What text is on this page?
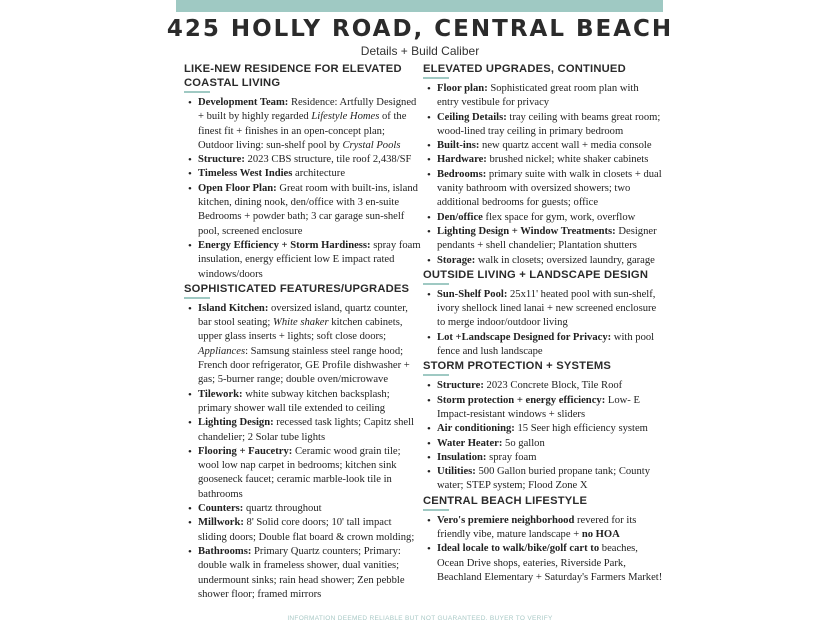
425 HOLLY ROAD, CENTRAL BEACH
Details + Build Caliber
LIKE-NEW RESIDENCE FOR ELEVATED COASTAL LIVING
• Development Team: Residence: Artfully Designed + built by highly regarded Lifestyle Homes of the finest fit + finishes in an open-concept plan; Outdoor living: sun-shelf pool by Crystal Pools
• Structure: 2023 CBS structure, tile roof 2,438/SF
• Timeless West Indies architecture
• Open Floor Plan: Great room with built-ins, island kitchen, dining nook, den/office with 3 en-suite Bedrooms + powder bath; 3 car garage sun-shelf pool, screened enclosure
• Energy Efficiency + Storm Hardiness: spray foam insulation, energy efficient low E impact rated windows/doors
SOPHISTICATED FEATURES/UPGRADES
• Island Kitchen: oversized island, quartz counter, bar stool seating; White shaker kitchen cabinets, upper glass inserts + lights; soft close doors; Appliances: Samsung stainless steel range hood; French door refrigerator, GE Profile dishwasher + gas; 5-burner range; double oven/microwave
• Tilework: white subway kitchen backsplash; primary shower wall tile extended to ceiling
• Lighting Design: recessed task lights; Capitz shell chandelier; 2 Solar tube lights
• Flooring + Faucetry: Ceramic wood grain tile; wool low nap carpet in bedrooms; kitchen sink gooseneck faucet; ceramic marble-look tile in bathrooms
• Counters: quartz throughout
• Millwork: 8' Solid core doors; 10' tall impact sliding doors; Double flat board & crown molding;
• Bathrooms: Primary Quartz counters; Primary: double walk in frameless shower, dual vanities; undermount sinks; rain head shower; Zen pebble shower floor; framed mirrors
ELEVATED UPGRADES, CONTINUED
• Floor plan: Sophisticated great room plan with entry vestibule for privacy
• Ceiling Details: tray ceiling with beams great room; wood-lined tray ceiling in primary bedroom
• Built-ins: new quartz accent wall + media console
• Hardware: brushed nickel; white shaker cabinets
• Bedrooms: primary suite with walk in closets + dual vanity bathroom with oversized showers; two additional bedrooms for guests; office
• Den/office flex space for gym, work, overflow
• Lighting Design + Window Treatments: Designer pendants + shell chandelier; Plantation shutters
• Storage: walk in closets; oversized laundry, garage
OUTSIDE LIVING + LANDSCAPE DESIGN
• Sun-Shelf Pool: 25x11' heated pool with sun-shelf, ivory shellock lined lanai + new screened enclosure to merge indoor/outdoor living
• Lot +Landscape Designed for Privacy: with pool fence and lush landscape
STORM PROTECTION + SYSTEMS
• Structure: 2023 Concrete Block, Tile Roof
• Storm protection + energy efficiency: Low- E Impact-resistant windows + sliders
• Air conditioning: 15 Seer high efficiency system
• Water Heater: 5o gallon
• Insulation: spray foam
• Utilities: 500 Gallon buried propane tank; County water; STEP system; Flood Zone X
CENTRAL BEACH LIFESTYLE
• Vero's premiere neighborhood revered for its friendly vibe, mature landscape + no HOA
• Ideal locale to walk/bike/golf cart to beaches, Ocean Drive shops, eateries, Riverside Park, Beachland Elementary + Saturday's Farmers Market!
INFORMATION DEEMED RELIABLE BUT NOT GUARANTEED. BUYER TO VERIFY
